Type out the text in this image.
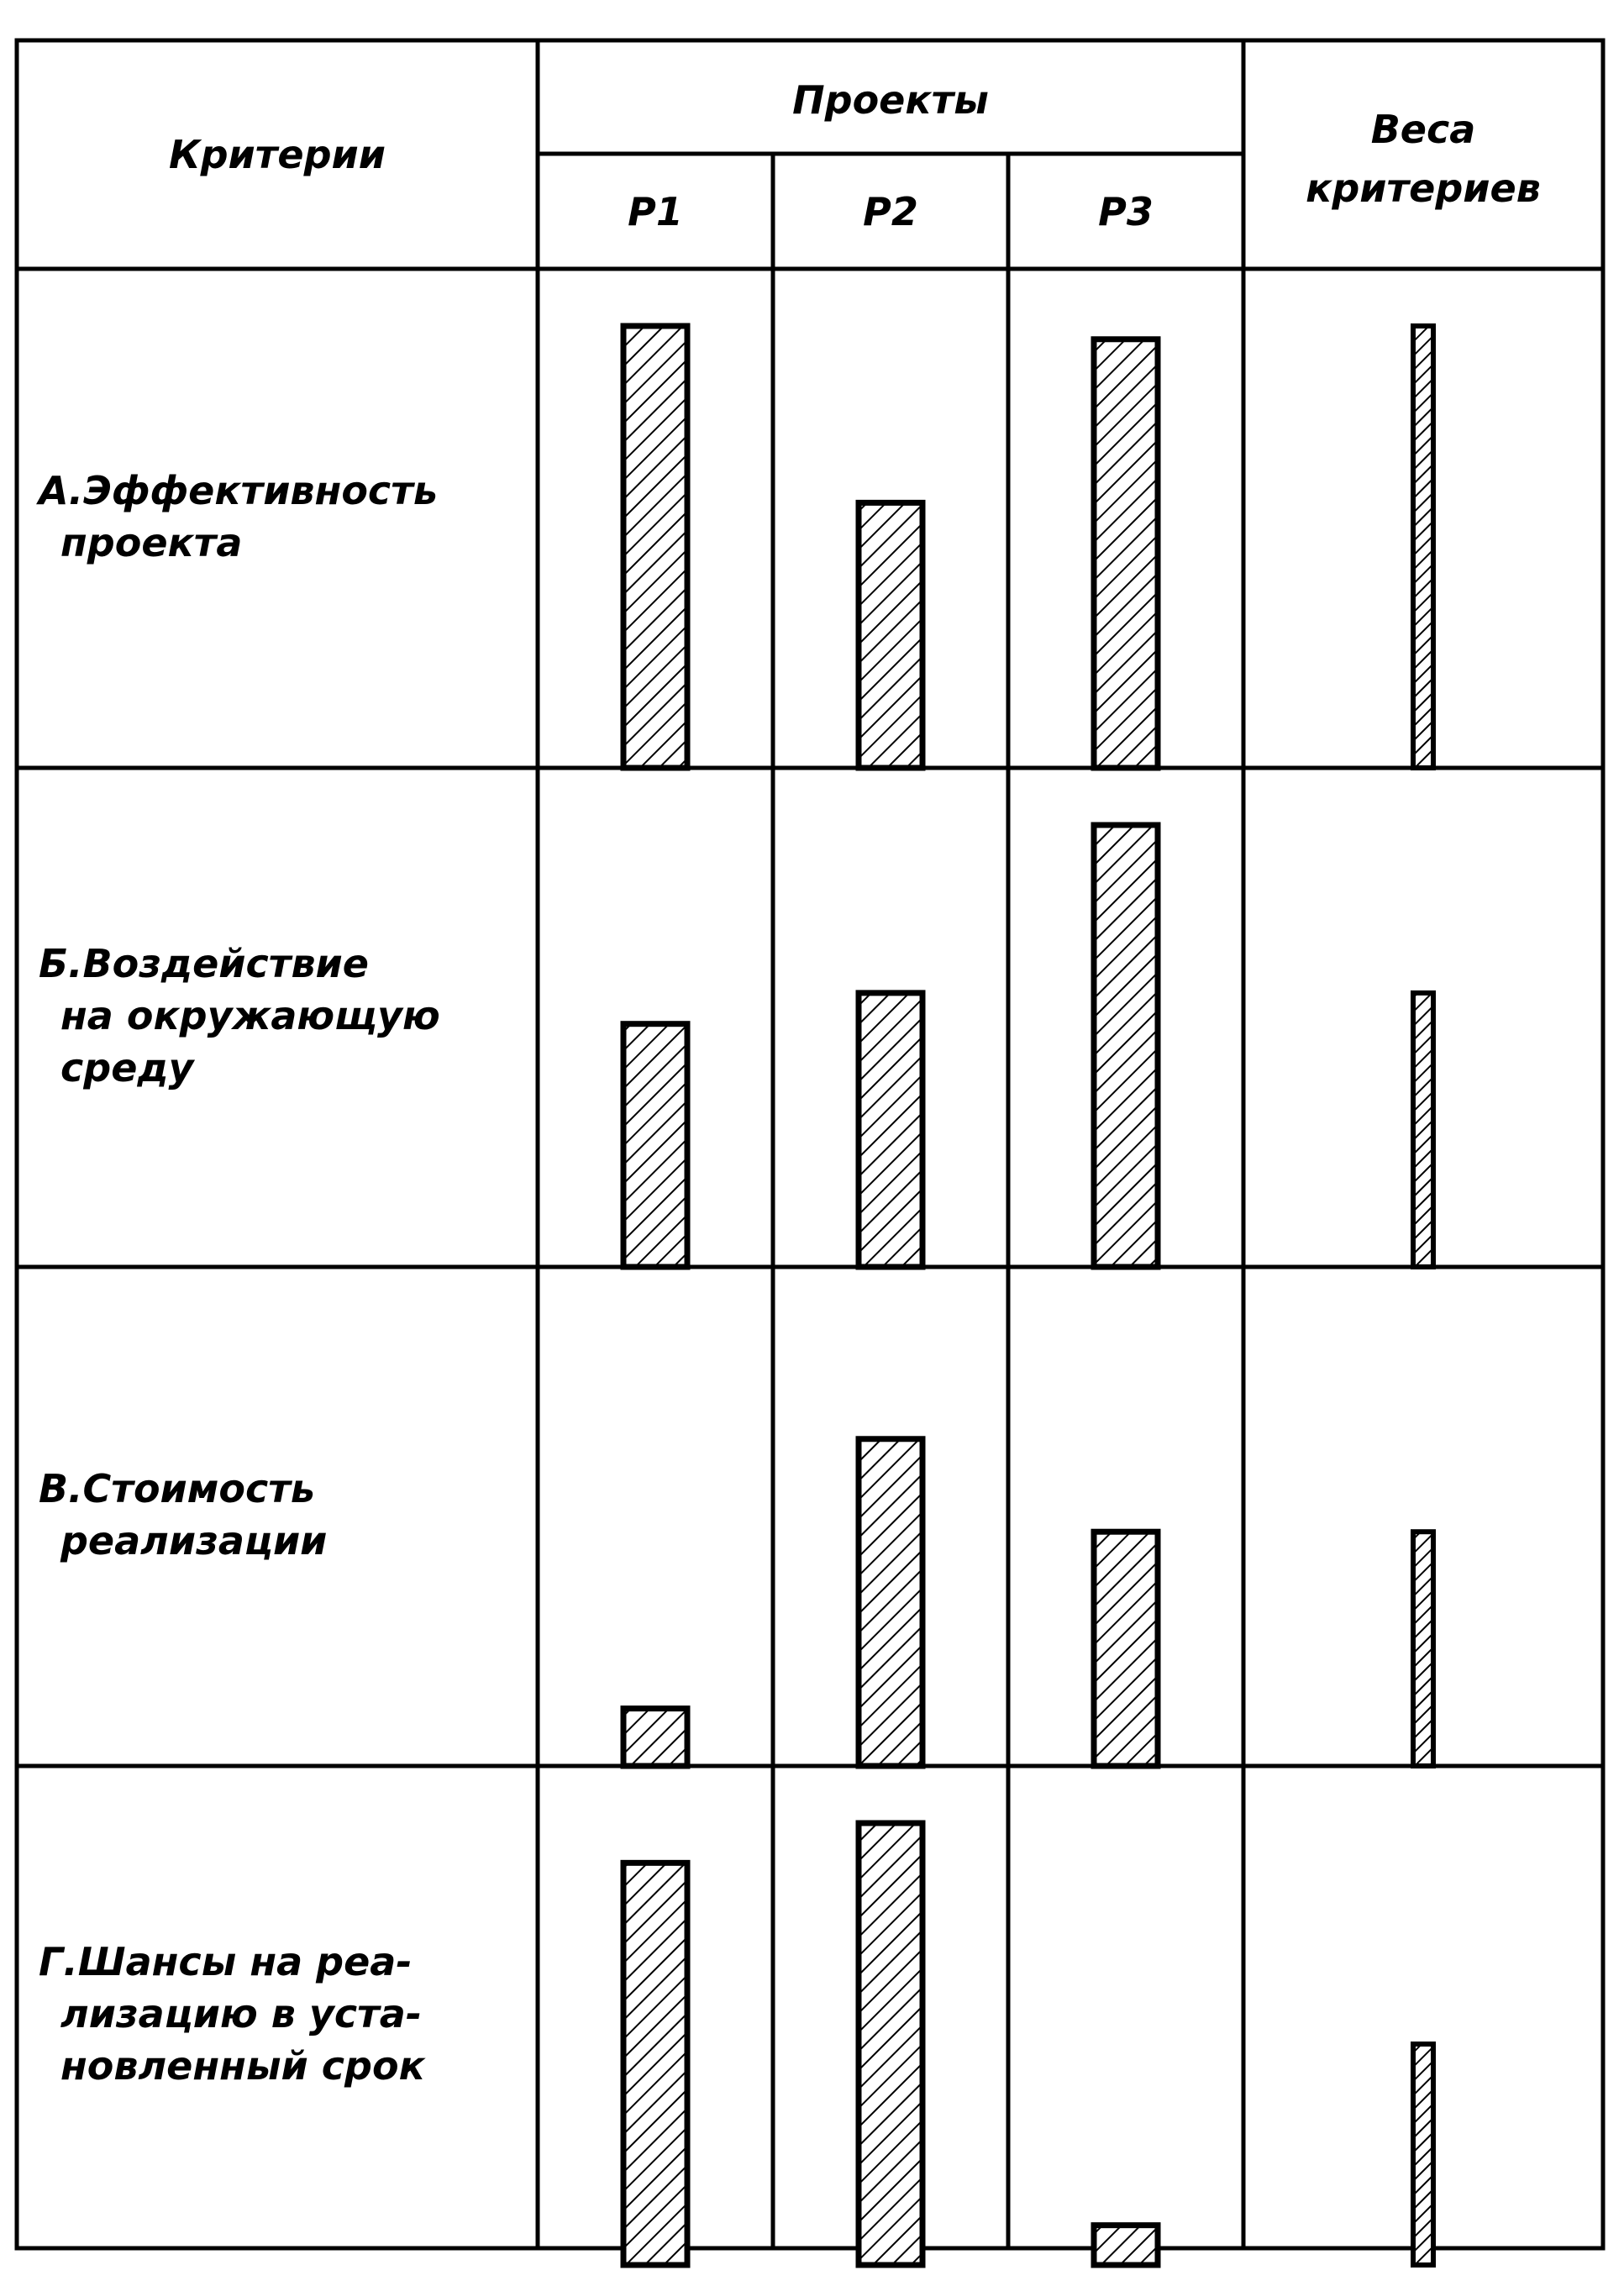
Критерии
Проекты
Веса
критериев
P1	P2	P3
А.Эффективность
проекта
Б.Воздействие
на окружающую
среду
В.Стоимость
реализации
Г.Шансы на реа-
лизацию в уста-
новленный срок
